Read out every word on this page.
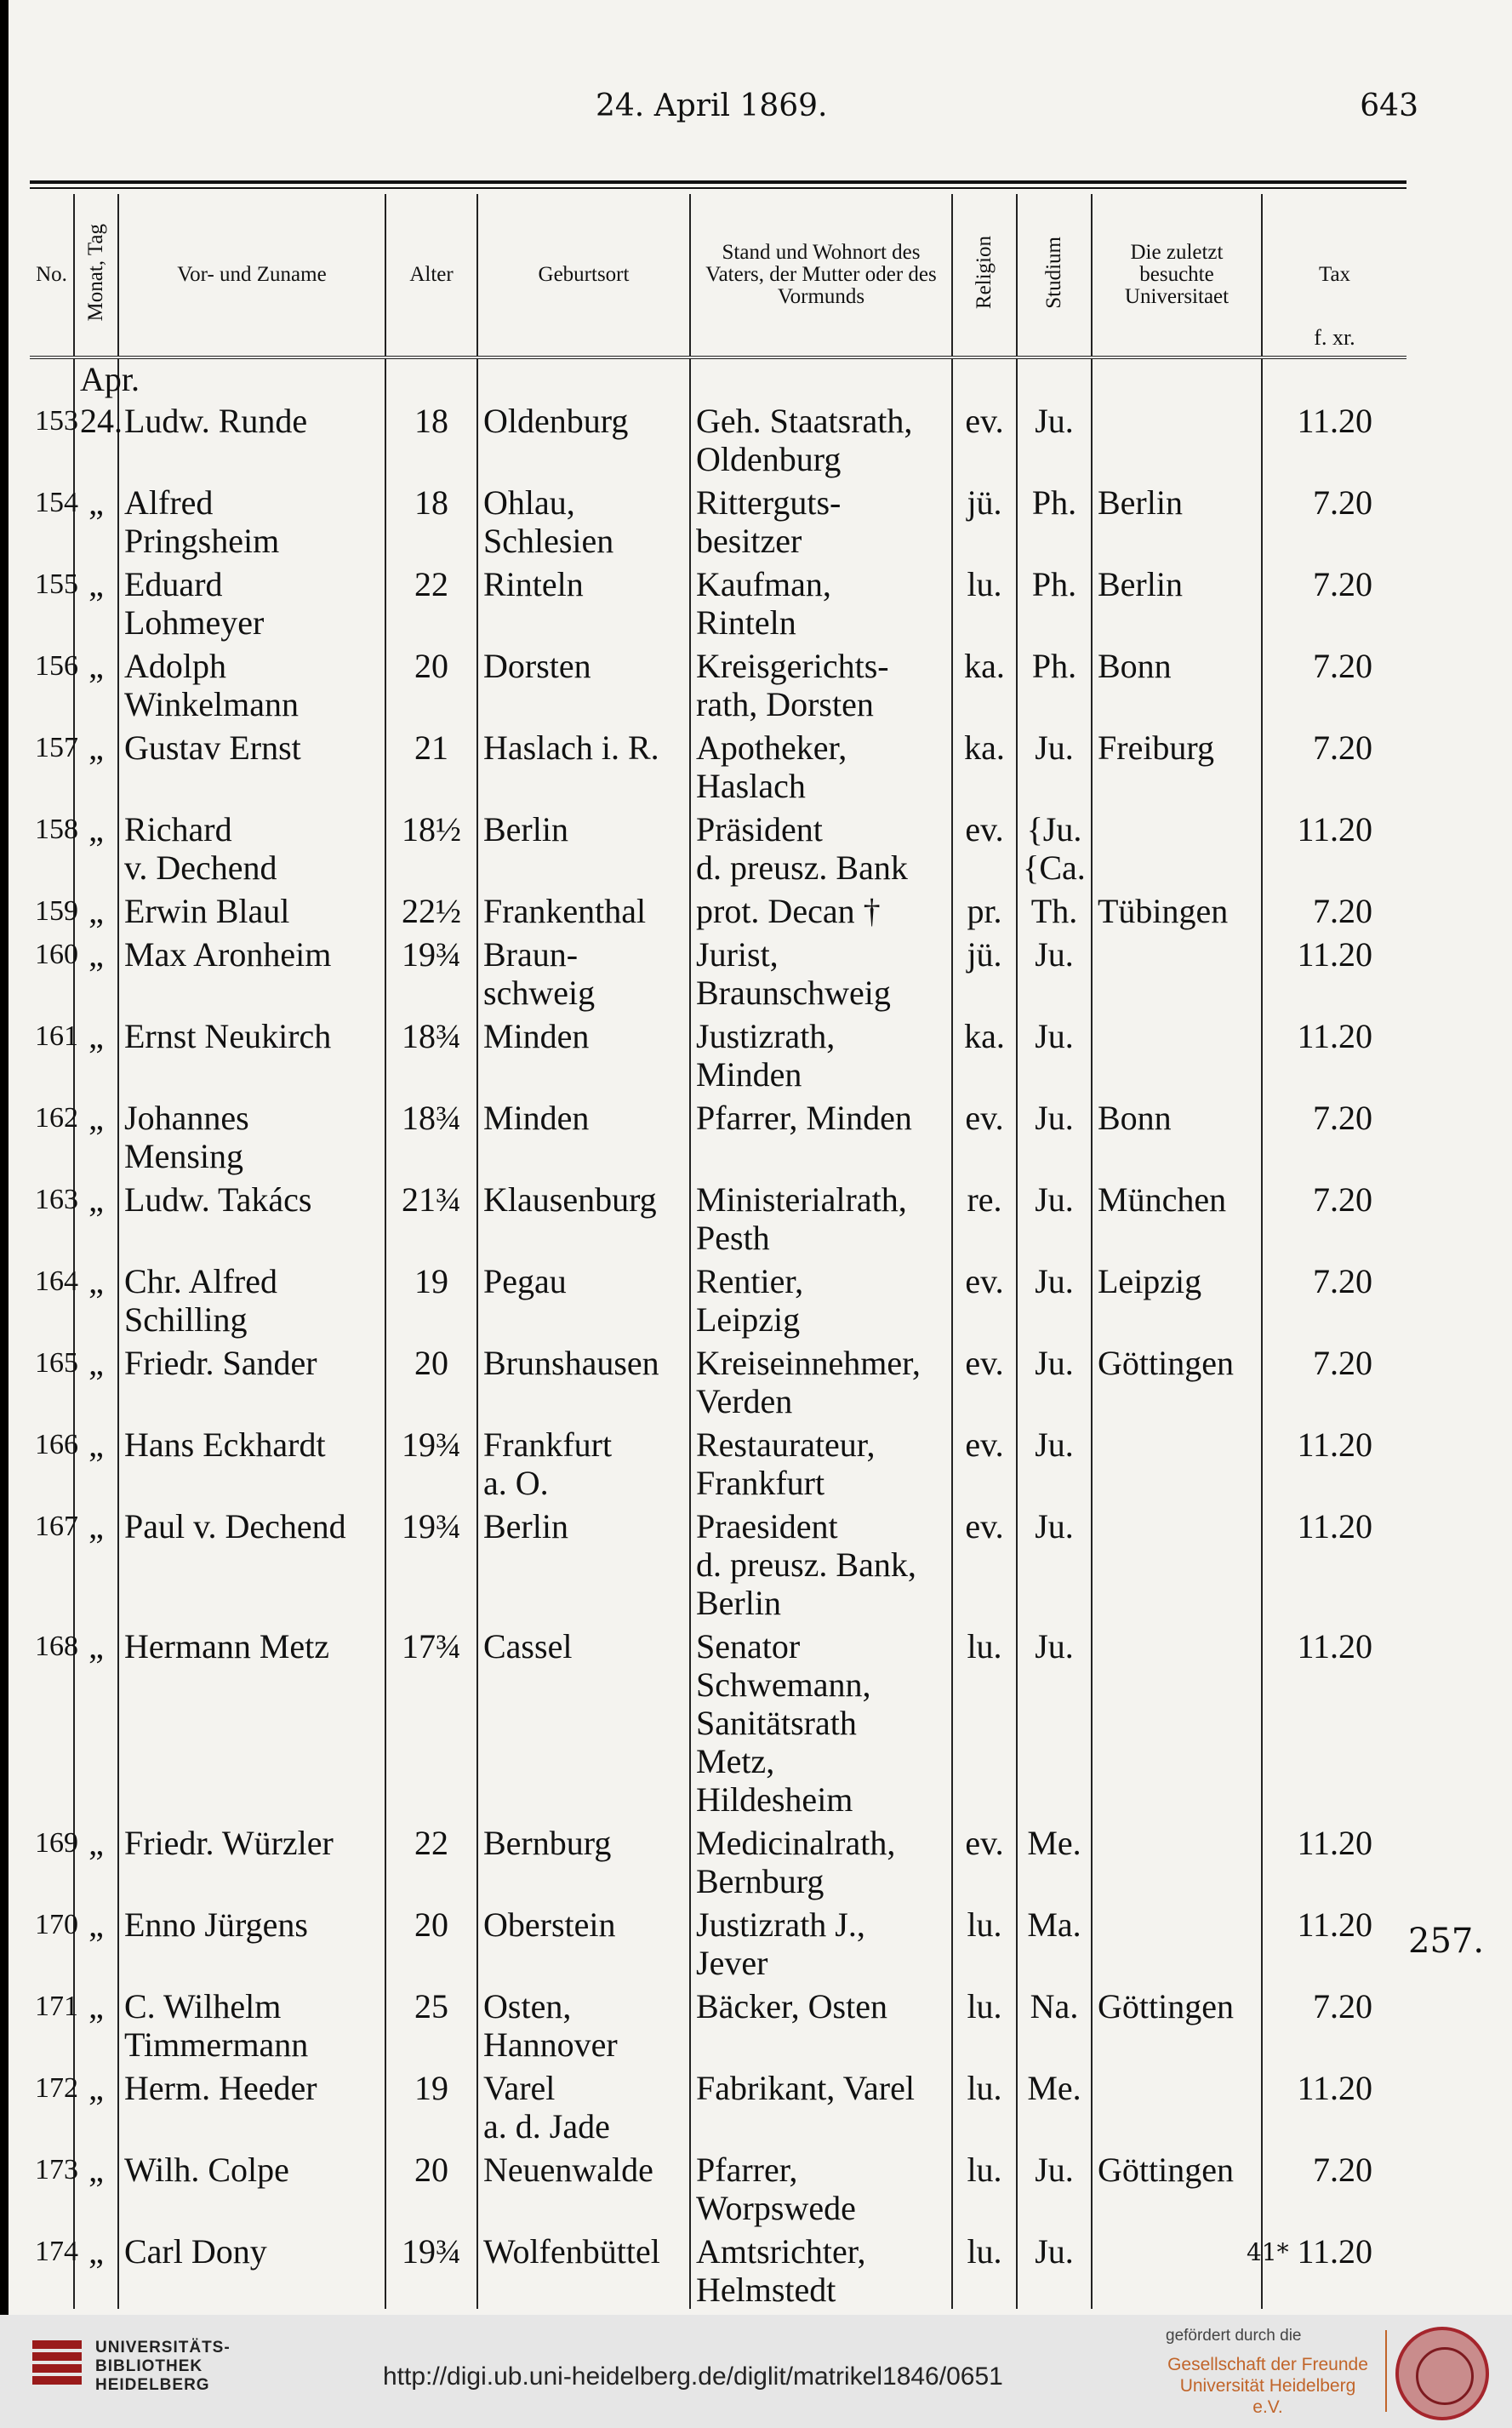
24. April 1869.	643
No.	Monat, Tag	Vor- und Zuname	Alter	Geburtsort	Stand und Wohnort des Vaters, der Mutter oder des Vormunds	Religion	Studium	Die zuletzt besuchte Universitaet	Tax
f. xr.

	Apr.								
153	24.	Ludw. Runde	18	Oldenburg	Geh. Staatsrath,
Oldenburg	ev.	Ju.		11.20
154	„	Alfred
Pringsheim	18	Ohlau,
Schlesien	Ritterguts-
besitzer	jü.	Ph.	Berlin	7.20
155	„	Eduard
Lohmeyer	22	Rinteln	Kaufman,
Rinteln	lu.	Ph.	Berlin	7.20
156	„	Adolph
Winkelmann	20	Dorsten	Kreisgerichts-
rath, Dorsten	ka.	Ph.	Bonn	7.20
157	„	Gustav Ernst	21	Haslach i. R.	Apotheker,
Haslach	ka.	Ju.	Freiburg	7.20
158	„	Richard
v. Dechend	18½	Berlin	Präsident
d. preusz. Bank	ev.	{Ju.
{Ca.		11.20
159	„	Erwin Blaul	22½	Frankenthal	prot. Decan †	pr.	Th.	Tübingen	7.20
160	„	Max Aronheim	19¾	Braun-
schweig	Jurist,
Braunschweig	jü.	Ju.		11.20
161	„	Ernst Neukirch	18¾	Minden	Justizrath,
Minden	ka.	Ju.		11.20
162	„	Johannes
Mensing	18¾	Minden	Pfarrer, Minden	ev.	Ju.	Bonn	7.20
163	„	Ludw. Takács	21¾	Klausenburg	Ministerialrath,
Pesth	re.	Ju.	München	7.20
164	„	Chr. Alfred
Schilling	19	Pegau	Rentier,
Leipzig	ev.	Ju.	Leipzig	7.20
165	„	Friedr. Sander	20	Brunshausen	Kreiseinnehmer,
Verden	ev.	Ju.	Göttingen	7.20
166	„	Hans Eckhardt	19¾	Frankfurt
a. O.	Restaurateur,
Frankfurt	ev.	Ju.		11.20
167	„	Paul v. Dechend	19¾	Berlin	Praesident
d. preusz. Bank,
Berlin	ev.	Ju.		11.20
168	„	Hermann Metz	17¾	Cassel	Senator
Schwemann,
Sanitätsrath
Metz,
Hildesheim	lu.	Ju.		11.20
169	„	Friedr. Würzler	22	Bernburg	Medicinalrath,
Bernburg	ev.	Me.		11.20
170	„	Enno Jürgens	20	Oberstein	Justizrath J.,
Jever	lu.	Ma.		11.20
171	„	C. Wilhelm
Timmermann	25	Osten,
Hannover	Bäcker, Osten	lu.	Na.	Göttingen	7.20
172	„	Herm. Heeder	19	Varel
a. d. Jade	Fabrikant, Varel	lu.	Me.		11.20
173	„	Wilh. Colpe	20	Neuenwalde	Pfarrer,
Worpswede	lu.	Ju.	Göttingen	7.20
174	„	Carl Dony	19¾	Wolfenbüttel	Amtsrichter,
Helmstedt	lu.	Ju.		11.20
257.
41*
UNIVERSITÄTS-
BIBLIOTHEK
HEIDELBERG	http://digi.ub.uni-heidelberg.de/diglit/matrikel1846/0651
gefördert durch die
Gesellschaft der Freunde
Universität Heidelberg e.V.
